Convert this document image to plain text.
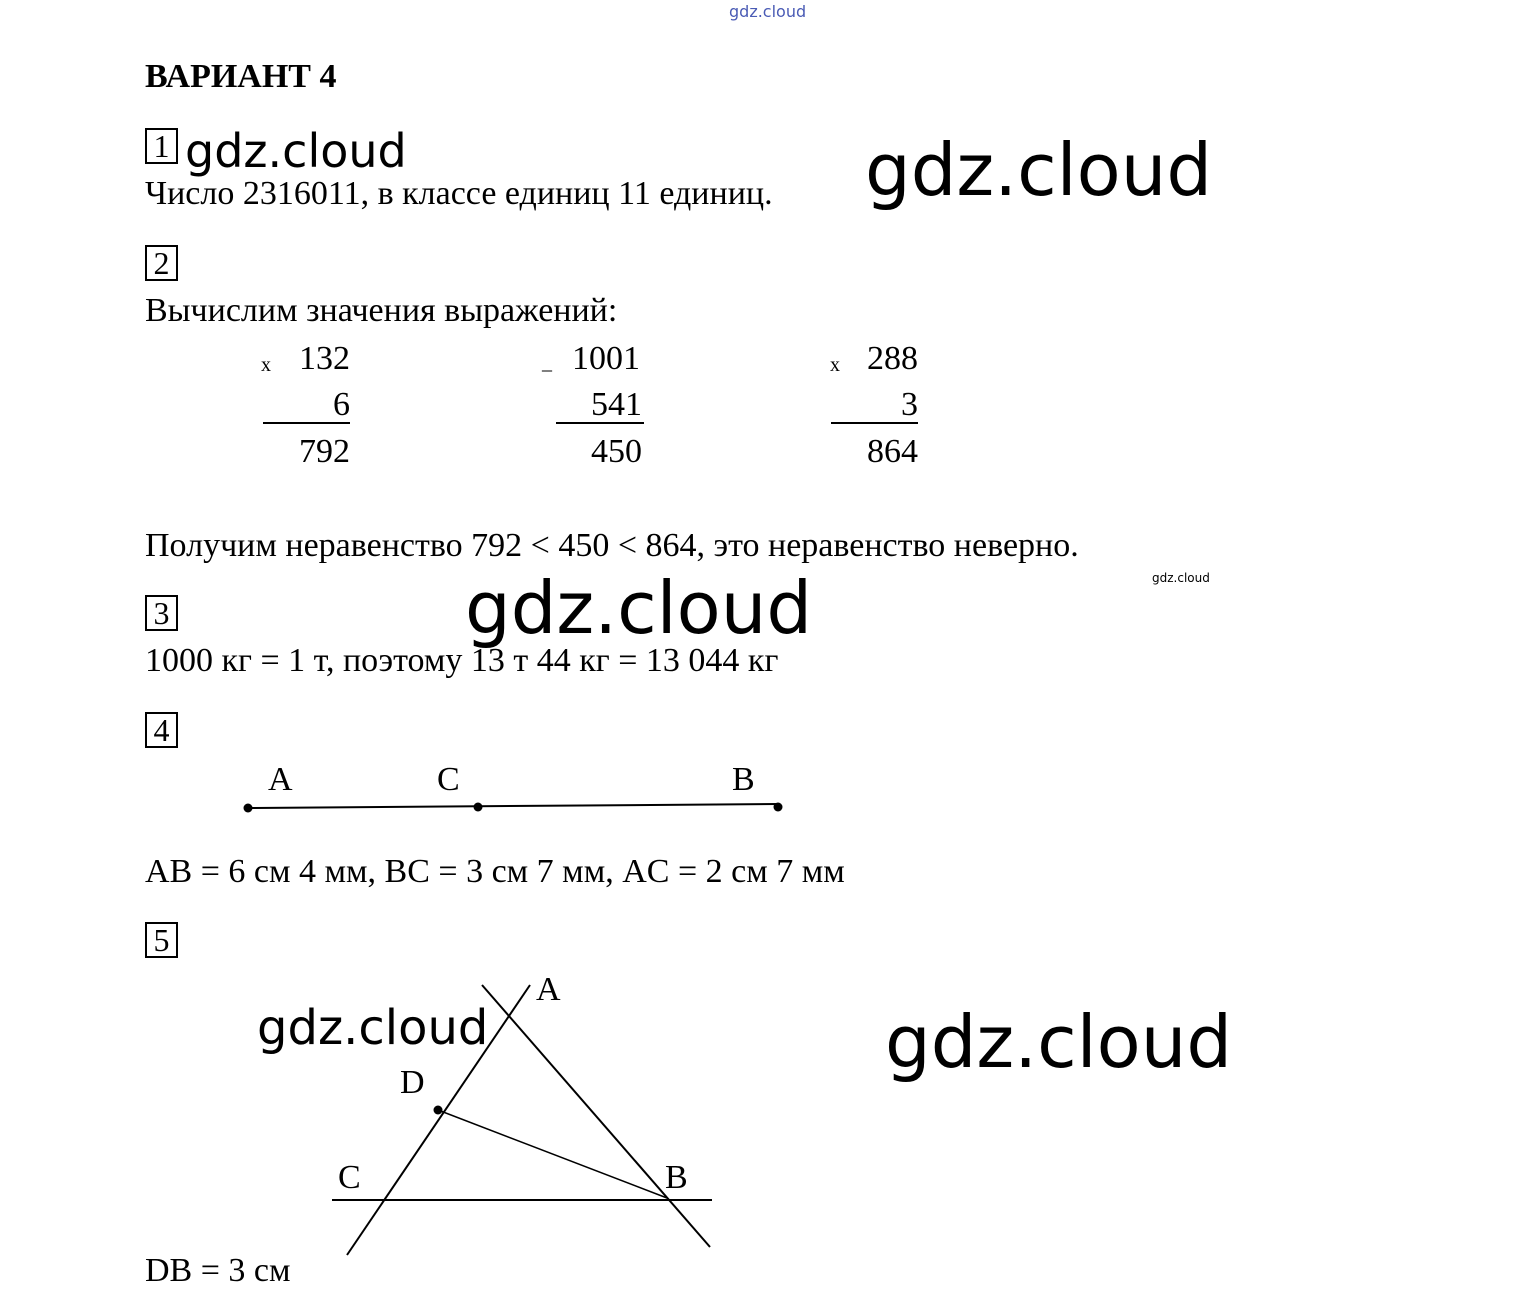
gdz.cloud
ВАРИАНТ 4
1 gdz.cloud
Число 2316011, в классе единиц 11 единиц. gdz.cloud
2
Вычислим значения выражений:
x 132
6
792
_ 1001
541
450
x 288
3
864
Получим неравенство 792 < 450 < 864, это неравенство неверно.
gdz.cloud
3
1000 кг = 1 т, поэтому 13 т 44 кг = 13 044 кг
gdz.cloud
4
A	C	B
AB = 6 см 4 мм, BC = 3 см 7 мм, AC = 2 см 7 мм
5
A
D
C	B
gdz.cloud	gdz.cloud
DB = 3 см
